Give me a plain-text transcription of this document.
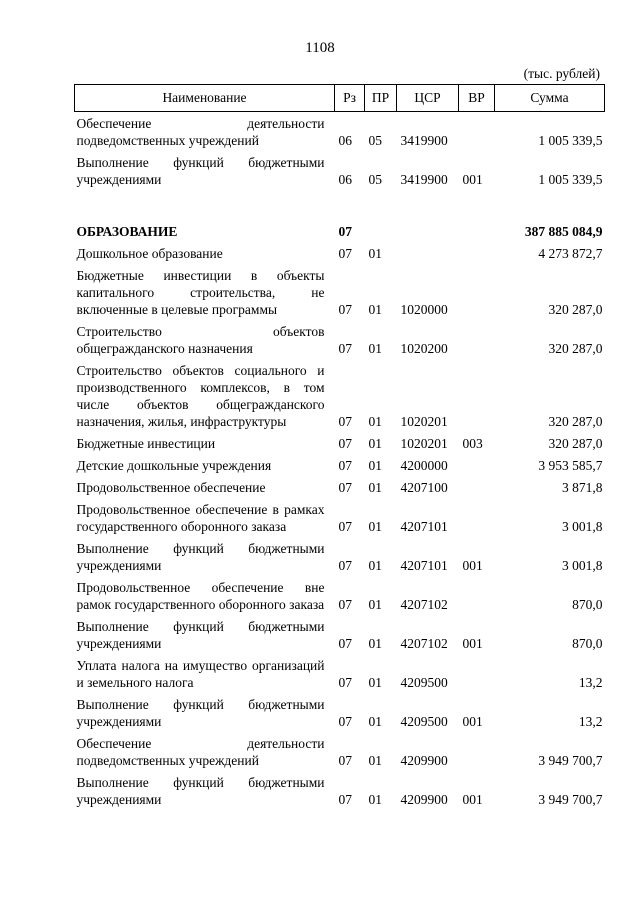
1108
(тыс. рублей)
Наименование	Рз	ПР	ЦСР	ВР	Сумма
Обеспечение деятельности подведомственных учреждений	06	05	3419900		1 005 339,5
Выполнение функций бюджетными учреждениями	06	05	3419900	001	1 005 339,5
ОБРАЗОВАНИЕ	07				387 885 084,9
Дошкольное образование	07	01			4 273 872,7
Бюджетные инвестиции в объекты капитального строительства, не включенные в целевые программы	07	01	1020000		320 287,0
Строительство объектов общегражданского назначения	07	01	1020200		320 287,0
Строительство объектов социального и производственного комплексов, в том числе объектов общегражданского назначения, жилья, инфраструктуры	07	01	1020201		320 287,0
Бюджетные инвестиции	07	01	1020201	003	320 287,0
Детские дошкольные учреждения	07	01	4200000		3 953 585,7
Продовольственное обеспечение	07	01	4207100		3 871,8
Продовольственное обеспечение в рамках государственного оборонного заказа	07	01	4207101		3 001,8
Выполнение функций бюджетными учреждениями	07	01	4207101	001	3 001,8
Продовольственное обеспечение вне рамок государственного оборонного заказа	07	01	4207102		870,0
Выполнение функций бюджетными учреждениями	07	01	4207102	001	870,0
Уплата налога на имущество организаций и земельного налога	07	01	4209500		13,2
Выполнение функций бюджетными учреждениями	07	01	4209500	001	13,2
Обеспечение деятельности подведомственных учреждений	07	01	4209900		3 949 700,7
Выполнение функций бюджетными учреждениями	07	01	4209900	001	3 949 700,7
